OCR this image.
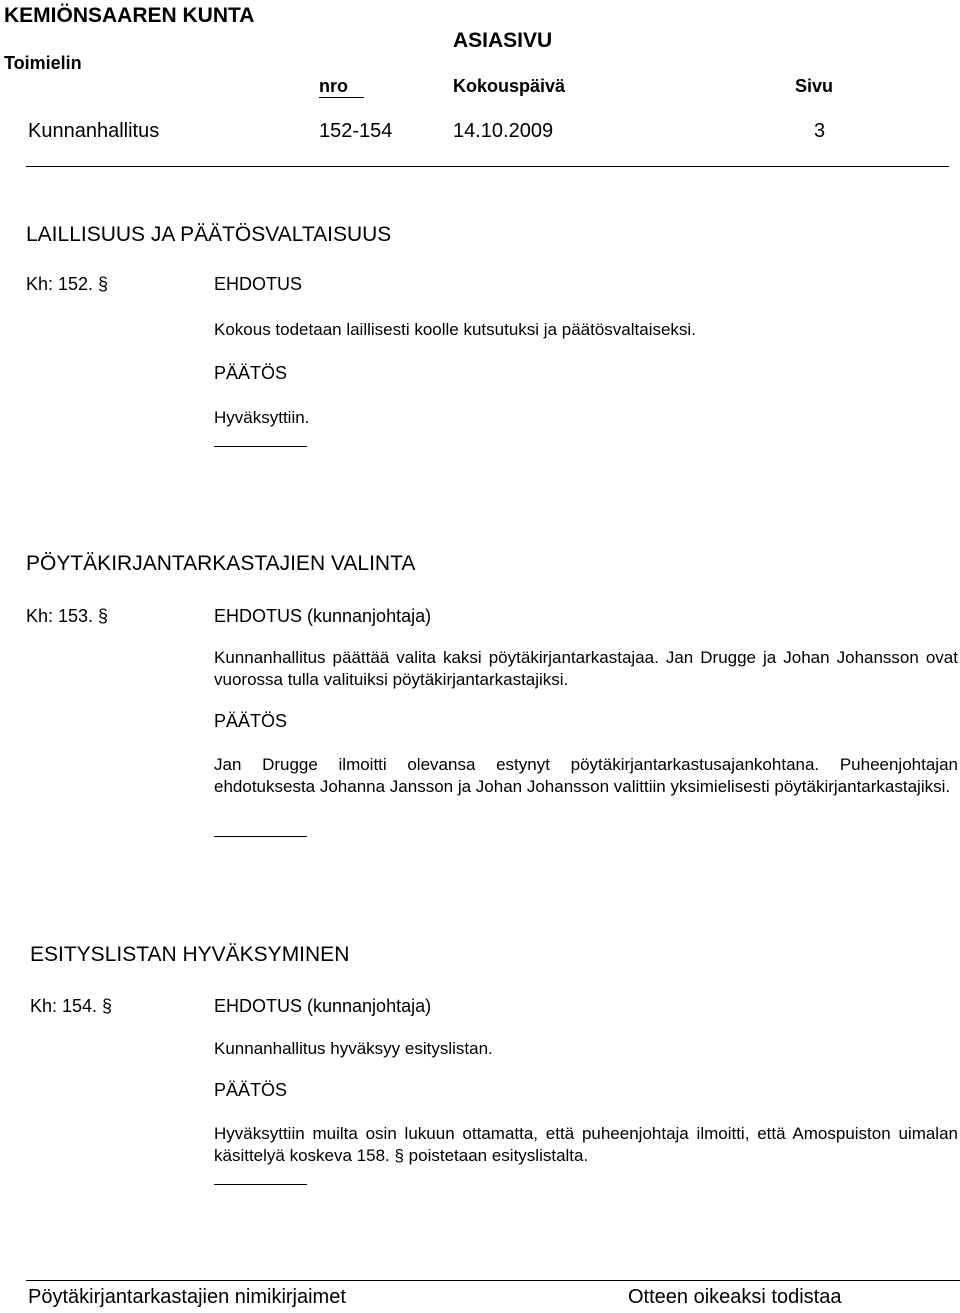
KEMIÖNSAAREN KUNTA
Toimielin
ASIASIVU
nro	Kokouspäivä	Sivu
Kunnanhallitus	152-154	14.10.2009	3
LAILLISUUS JA PÄÄTÖSVALTAISUUS
Kh: 152. §	EHDOTUS
Kokous todetaan laillisesti koolle kutsutuksi ja päätösvaltaiseksi.
PÄÄTÖS
Hyväksyttiin.
PÖYTÄKIRJANTARKASTAJIEN VALINTA
Kh: 153. §	EHDOTUS (kunnanjohtaja)
Kunnanhallitus päättää valita kaksi pöytäkirjantarkastajaa. Jan Drugge ja Johan Johansson ovat vuorossa tulla valituiksi pöytäkirjantarkastajiksi.
PÄÄTÖS
Jan Drugge ilmoitti olevansa estynyt pöytäkirjantarkastusajankohtana. Puheenjohtajan ehdotuksesta Johanna Jansson ja Johan Johansson valittiin yksimielisesti pöytäkirjantarkastajiksi.
ESITYSLISTAN HYVÄKSYMINEN
Kh: 154. §	EHDOTUS (kunnanjohtaja)
Kunnanhallitus hyväksyy esityslistan.
PÄÄTÖS
Hyväksyttiin muilta osin lukuun ottamatta, että puheenjohtaja ilmoitti, että Amospuiston uimalan käsittelyä koskeva 158. § poistetaan esityslistalta.
Pöytäkirjantarkastajien nimikirjaimet	Otteen oikeaksi todistaa
